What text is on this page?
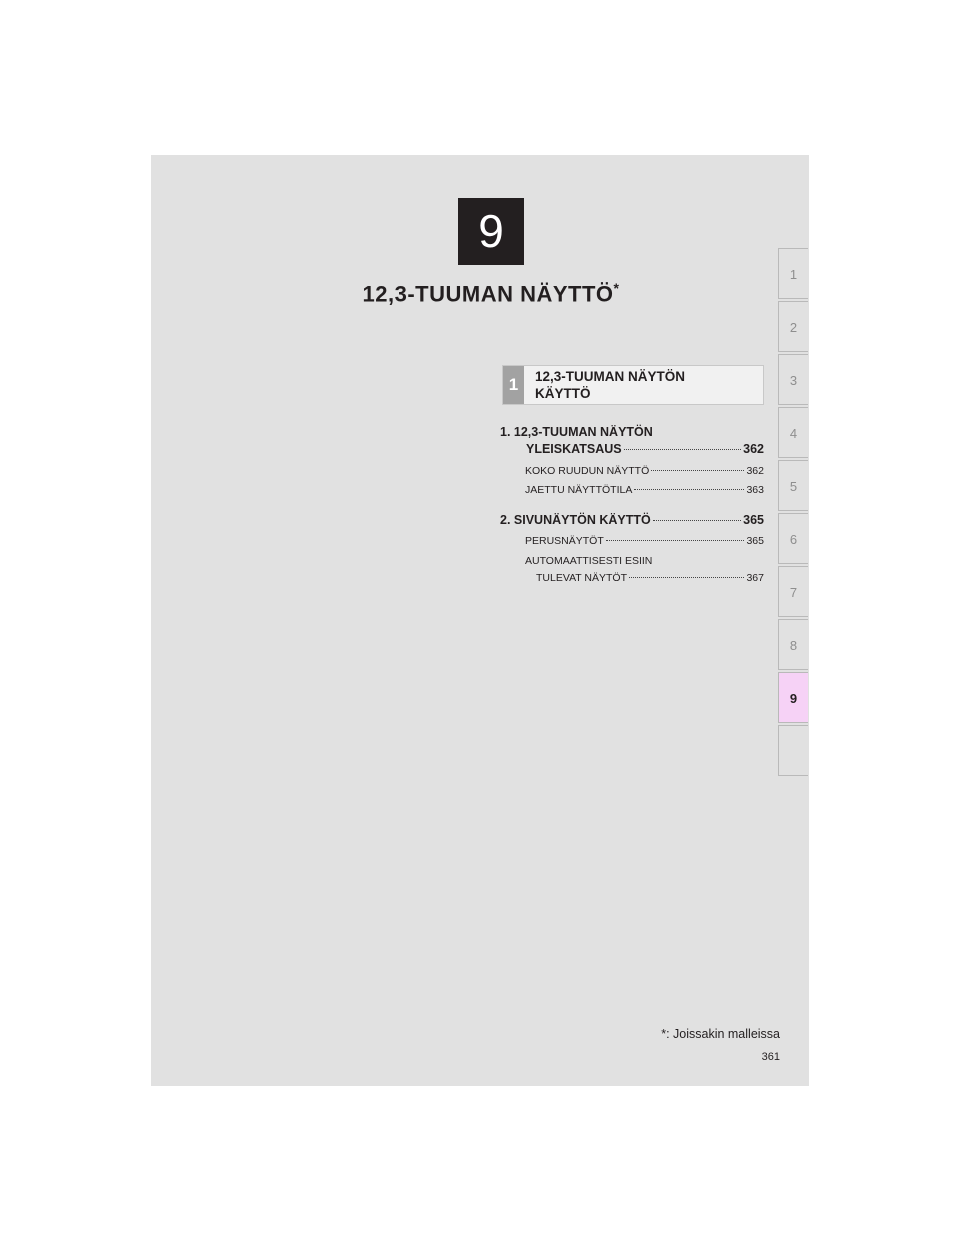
9
12,3-TUUMAN NÄYTTÖ*
1
2
3
4
5
6
7
8
9
1	12,3-TUUMAN NÄYTÖN
KÄYTTÖ
1. 12,3-TUUMAN NÄYTÖN
YLEISKATSAUS	362
KOKO RUUDUN NÄYTTÖ	362
JAETTU NÄYTTÖTILA	363
2. SIVUNÄYTÖN KÄYTTÖ	365
PERUSNÄYTÖT	365
AUTOMAATTISESTI ESIIN
TULEVAT NÄYTÖT	367
*: Joissakin malleissa
361
